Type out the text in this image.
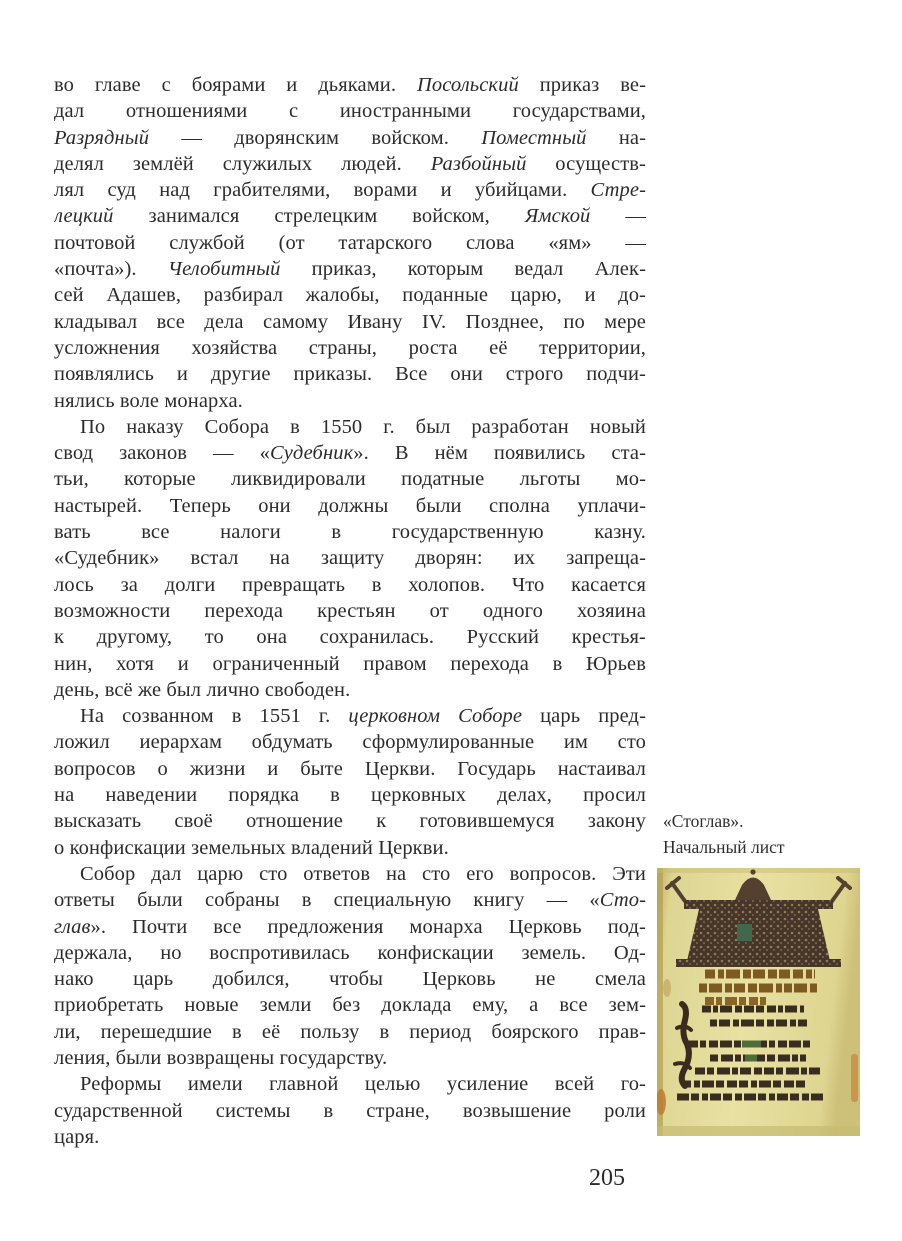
во главе с боярами и дьяками. Посольский приказ ве-
дал отношениями с иностранными государствами,
Разрядный — дворянским войском. Поместный на-
делял землёй служилых людей. Разбойный осуществ-
лял суд над грабителями, ворами и убийцами. Стре-
лецкий занимался стрелецким войском, Ямской —
почтовой службой (от татарского слова «ям» —
«почта»). Челобитный приказ, которым ведал Алек-
сей Адашев, разбирал жалобы, поданные царю, и до-
кладывал все дела самому Ивану IV. Позднее, по мере
усложнения хозяйства страны, роста её территории,
появлялись и другие приказы. Все они строго подчи-
нялись воле монарха.
По наказу Собора в 1550 г. был разработан новый
свод законов — «Судебник». В нём появились ста-
тьи, которые ликвидировали податные льготы мо-
настырей. Теперь они должны были сполна уплачи-
вать все налоги в государственную казну.
«Судебник» встал на защиту дворян: их запреща-
лось за долги превращать в холопов. Что касается
возможности перехода крестьян от одного хозяина
к другому, то она сохранилась. Русский крестья-
нин, хотя и ограниченный правом перехода в Юрьев
день, всё же был лично свободен.
На созванном в 1551 г. церковном Соборе царь пред-
ложил иерархам обдумать сформулированные им сто
вопросов о жизни и быте Церкви. Государь настаивал
на наведении порядка в церковных делах, просил
высказать своё отношение к готовившемуся закону
о конфискации земельных владений Церкви.
Собор дал царю сто ответов на сто его вопросов. Эти
ответы были собраны в специальную книгу — «Сто-
глав». Почти все предложения монарха Церковь под-
держала, но воспротивилась конфискации земель. Од-
нако царь добился, чтобы Церковь не смела
приобретать новые земли без доклада ему, а все зем-
ли, перешедшие в её пользу в период боярского прав-
ления, были возвращены государству.
Реформы имели главной целью усиление всей го-
сударственной системы в стране, возвышение роли
царя.
«Стоглав».
Начальный лист
205
